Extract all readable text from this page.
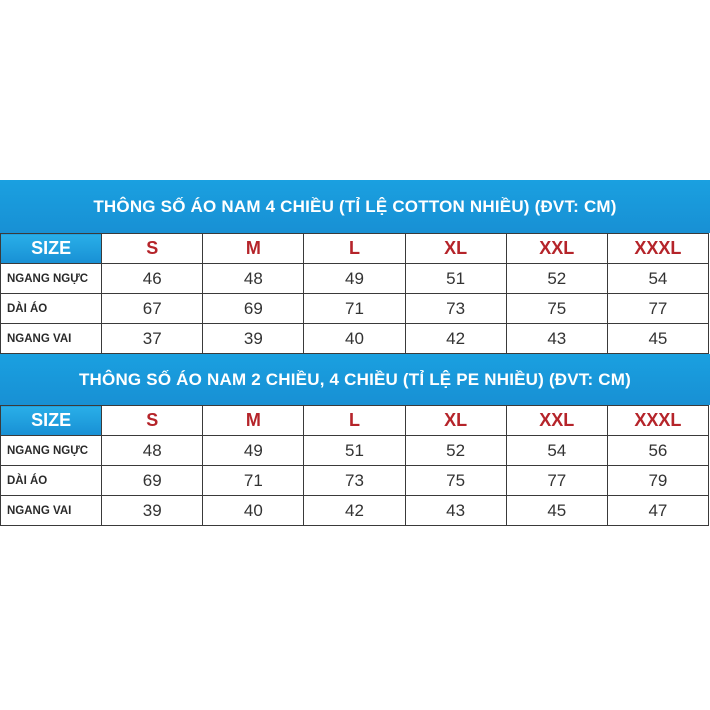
THÔNG SỐ ÁO NAM 4 CHIỀU (TỈ LỆ COTTON NHIỀU) (ĐVT: CM)
SIZE	S	M	L	XL	XXL	XXXL
NGANG NGỰC	46	48	49	51	52	54
DÀI ÁO	67	69	71	73	75	77
NGANG VAI	37	39	40	42	43	45
THÔNG SỐ ÁO NAM 2 CHIỀU, 4 CHIỀU (TỈ LỆ PE NHIỀU) (ĐVT: CM)
SIZE	S	M	L	XL	XXL	XXXL
NGANG NGỰC	48	49	51	52	54	56
DÀI ÁO	69	71	73	75	77	79
NGANG VAI	39	40	42	43	45	47
